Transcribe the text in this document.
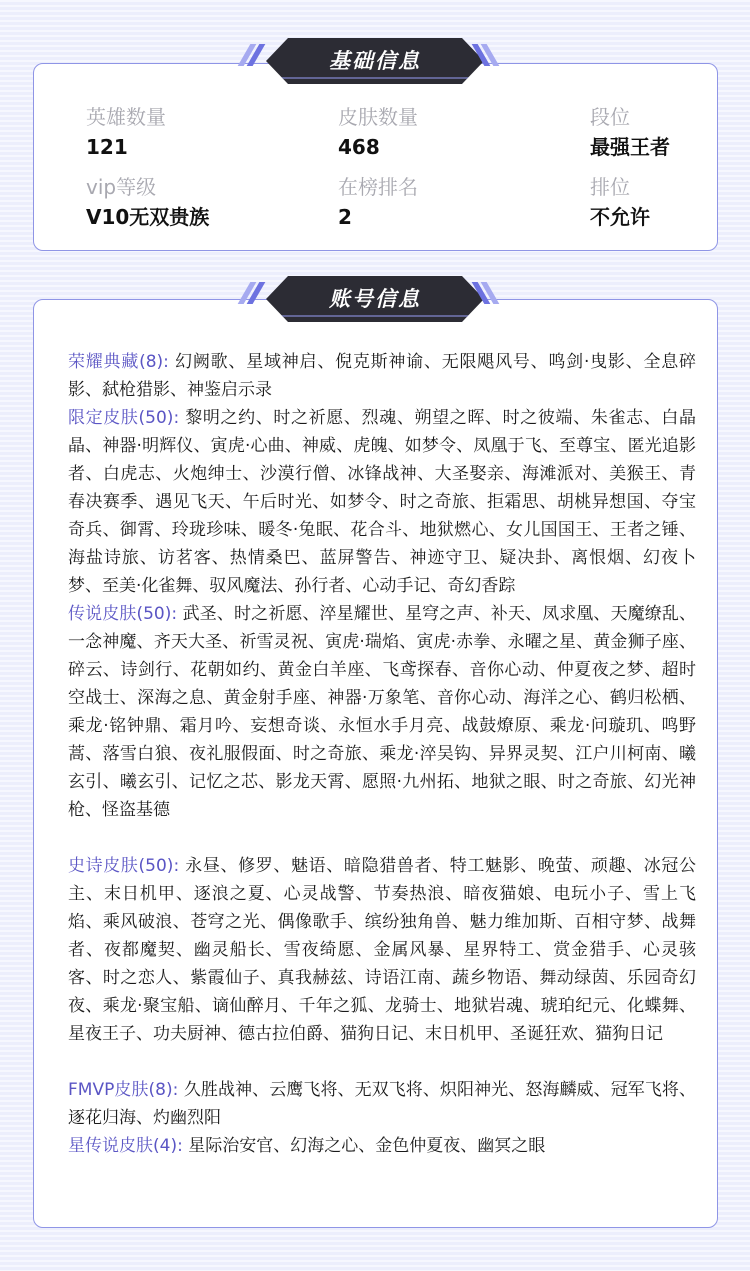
英雄数量
121
皮肤数量
468
段位
最强王者
vip等级
V10无双贵族
在榜排名
2
排位
不允许
基础信息

荣耀典藏(8): 幻阙歌、星域神启、倪克斯神谕、无限飓风号、鸣剑·曳影、全息碎影、弑枪猎影、神鉴启示录

限定皮肤(50): 黎明之约、时之祈愿、烈魂、朔望之晖、时之彼端、朱雀志、白晶晶、神器·明辉仪、寅虎·心曲、神威、虎魄、如梦令、凤凰于飞、至尊宝、匿光追影者、白虎志、火炮绅士、沙漠行僧、冰锋战神、大圣娶亲、海滩派对、美猴王、青春决赛季、遇见飞天、午后时光、如梦令、时之奇旅、拒霜思、胡桃异想国、夺宝奇兵、御霄、玲珑珍味、暖冬·兔眠、花合斗、地狱燃心、女儿国国王、王者之锤、海盐诗旅、访茗客、热情桑巴、蓝屏警告、神迹守卫、疑决卦、离恨烟、幻夜卜梦、至美·化雀舞、驭风魔法、孙行者、心动手记、奇幻香踪

传说皮肤(50): 武圣、时之祈愿、淬星耀世、星穹之声、补天、凤求凰、天魔缭乱、一念神魔、齐天大圣、祈雪灵祝、寅虎·瑞焰、寅虎·赤拳、永曜之星、黄金狮子座、碎云、诗剑行、花朝如约、黄金白羊座、飞鸢探春、音你心动、仲夏夜之梦、超时空战士、深海之息、黄金射手座、神器·万象笔、音你心动、海洋之心、鹤归松栖、乘龙·铭钟鼎、霜月吟、妄想奇谈、永恒水手月亮、战鼓燎原、乘龙·问璇玑、鸣野蒿、落雪白狼、夜礼服假面、时之奇旅、乘龙·淬吴钩、异界灵契、江户川柯南、曦玄引、曦玄引、记忆之芯、影龙天霄、愿照·九州拓、地狱之眼、时之奇旅、幻光神枪、怪盗基德

史诗皮肤(50): 永昼、修罗、魅语、暗隐猎兽者、特工魅影、晚萤、顽趣、冰冠公主、末日机甲、逐浪之夏、心灵战警、节奏热浪、暗夜猫娘、电玩小子、雪上飞焰、乘风破浪、苍穹之光、偶像歌手、缤纷独角兽、魅力维加斯、百相守梦、战舞者、夜都魔契、幽灵船长、雪夜绮愿、金属风暴、星界特工、赏金猎手、心灵骇客、时之恋人、紫霞仙子、真我赫兹、诗语江南、蔬乡物语、舞动绿茵、乐园奇幻夜、乘龙·聚宝船、谪仙醉月、千年之狐、龙骑士、地狱岩魂、琥珀纪元、化蝶舞、星夜王子、功夫厨神、德古拉伯爵、猫狗日记、末日机甲、圣诞狂欢、猫狗日记

FMVP皮肤(8): 久胜战神、云鹰飞将、无双飞将、炽阳神光、怒海麟威、冠军飞将、逐花归海、灼幽烈阳

星传说皮肤(4): 星际治安官、幻海之心、金色仲夏夜、幽冥之眼

账号信息
